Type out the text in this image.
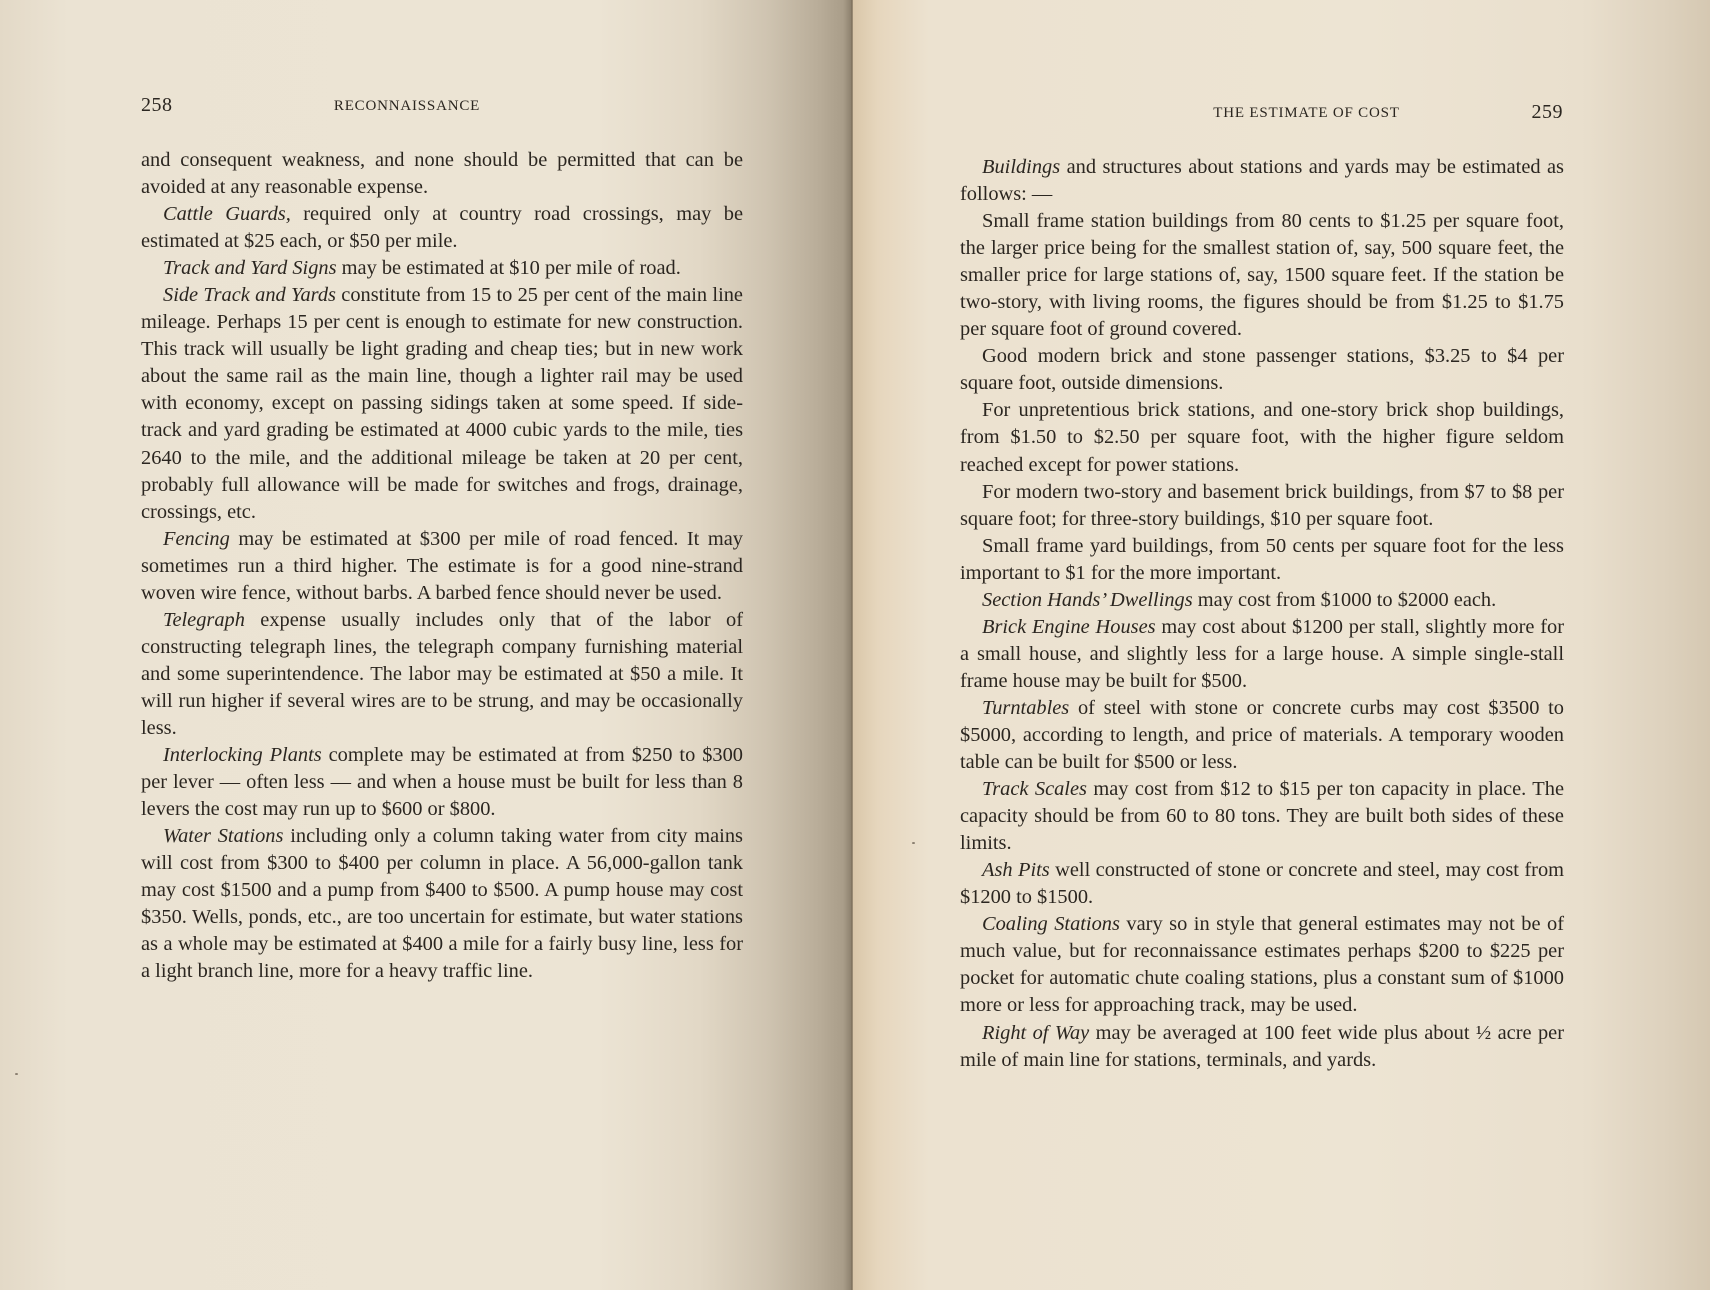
258	RECONNAISSANCE

and consequent weakness, and none should be permitted that can be avoided at any reasonable expense.

Cattle Guards, required only at country road crossings, may be estimated at $25 each, or $50 per mile.

Track and Yard Signs may be estimated at $10 per mile of road.

Side Track and Yards constitute from 15 to 25 per cent of the main line mileage. Perhaps 15 per cent is enough to estimate for new construction. This track will usually be light grading and cheap ties; but in new work about the same rail as the main line, though a lighter rail may be used with economy, except on passing sidings taken at some speed. If side-track and yard grading be estimated at 4000 cubic yards to the mile, ties 2640 to the mile, and the additional mileage be taken at 20 per cent, probably full allowance will be made for switches and frogs, drainage, crossings, etc.

Fencing may be estimated at $300 per mile of road fenced. It may sometimes run a third higher. The estimate is for a good nine-strand woven wire fence, without barbs. A barbed fence should never be used.

Telegraph expense usually includes only that of the labor of constructing telegraph lines, the telegraph company furnishing material and some superintendence. The labor may be estimated at $50 a mile. It will run higher if several wires are to be strung, and may be occasionally less.

Interlocking Plants complete may be estimated at from $250 to $300 per lever — often less — and when a house must be built for less than 8 levers the cost may run up to $600 or $800.

Water Stations including only a column taking water from city mains will cost from $300 to $400 per column in place. A 56,000-gallon tank may cost $1500 and a pump from $400 to $500. A pump house may cost $350. Wells, ponds, etc., are too uncertain for estimate, but water stations as a whole may be estimated at $400 a mile for a fairly busy line, less for a light branch line, more for a heavy traffic line.

THE ESTIMATE OF COST	259

Buildings and structures about stations and yards may be estimated as follows: —

Small frame station buildings from 80 cents to $1.25 per square foot, the larger price being for the smallest station of, say, 500 square feet, the smaller price for large stations of, say, 1500 square feet. If the station be two-story, with living rooms, the figures should be from $1.25 to $1.75 per square foot of ground covered.

Good modern brick and stone passenger stations, $3.25 to $4 per square foot, outside dimensions.

For unpretentious brick stations, and one-story brick shop buildings, from $1.50 to $2.50 per square foot, with the higher figure seldom reached except for power stations.

For modern two-story and basement brick buildings, from $7 to $8 per square foot; for three-story buildings, $10 per square foot.

Small frame yard buildings, from 50 cents per square foot for the less important to $1 for the more important.

Section Hands’ Dwellings may cost from $1000 to $2000 each.

Brick Engine Houses may cost about $1200 per stall, slightly more for a small house, and slightly less for a large house. A simple single-stall frame house may be built for $500.

Turntables of steel with stone or concrete curbs may cost $3500 to $5000, according to length, and price of materials. A temporary wooden table can be built for $500 or less.

Track Scales may cost from $12 to $15 per ton capacity in place. The capacity should be from 60 to 80 tons. They are built both sides of these limits.

Ash Pits well constructed of stone or concrete and steel, may cost from $1200 to $1500.

Coaling Stations vary so in style that general estimates may not be of much value, but for reconnaissance estimates perhaps $200 to $225 per pocket for automatic chute coaling stations, plus a constant sum of $1000 more or less for approaching track, may be used.

Right of Way may be averaged at 100 feet wide plus about ½ acre per mile of main line for stations, terminals, and yards.
